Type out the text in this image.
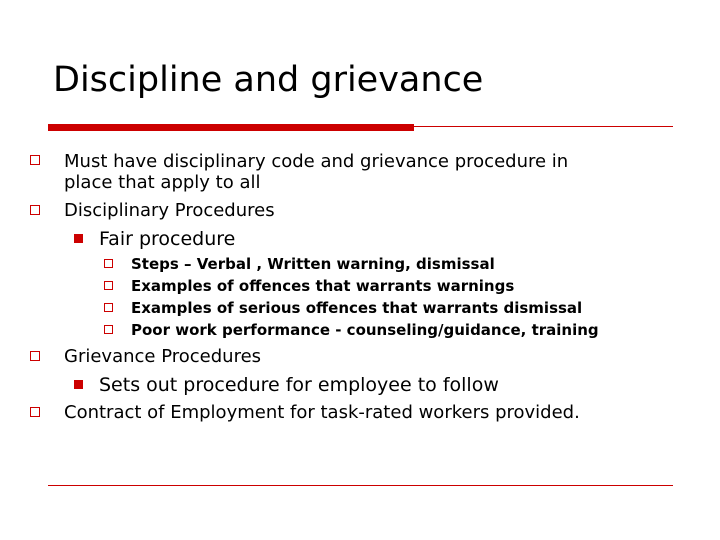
Discipline and grievance
Must have disciplinary code and grievance procedure in
place that apply to all
Disciplinary Procedures
Fair procedure
Steps – Verbal , Written warning, dismissal
Examples of offences that warrants warnings
Examples of serious offences that warrants dismissal
Poor work performance - counseling/guidance, training
Grievance Procedures
Sets out procedure for employee to follow
Contract of Employment for task-rated workers provided.
